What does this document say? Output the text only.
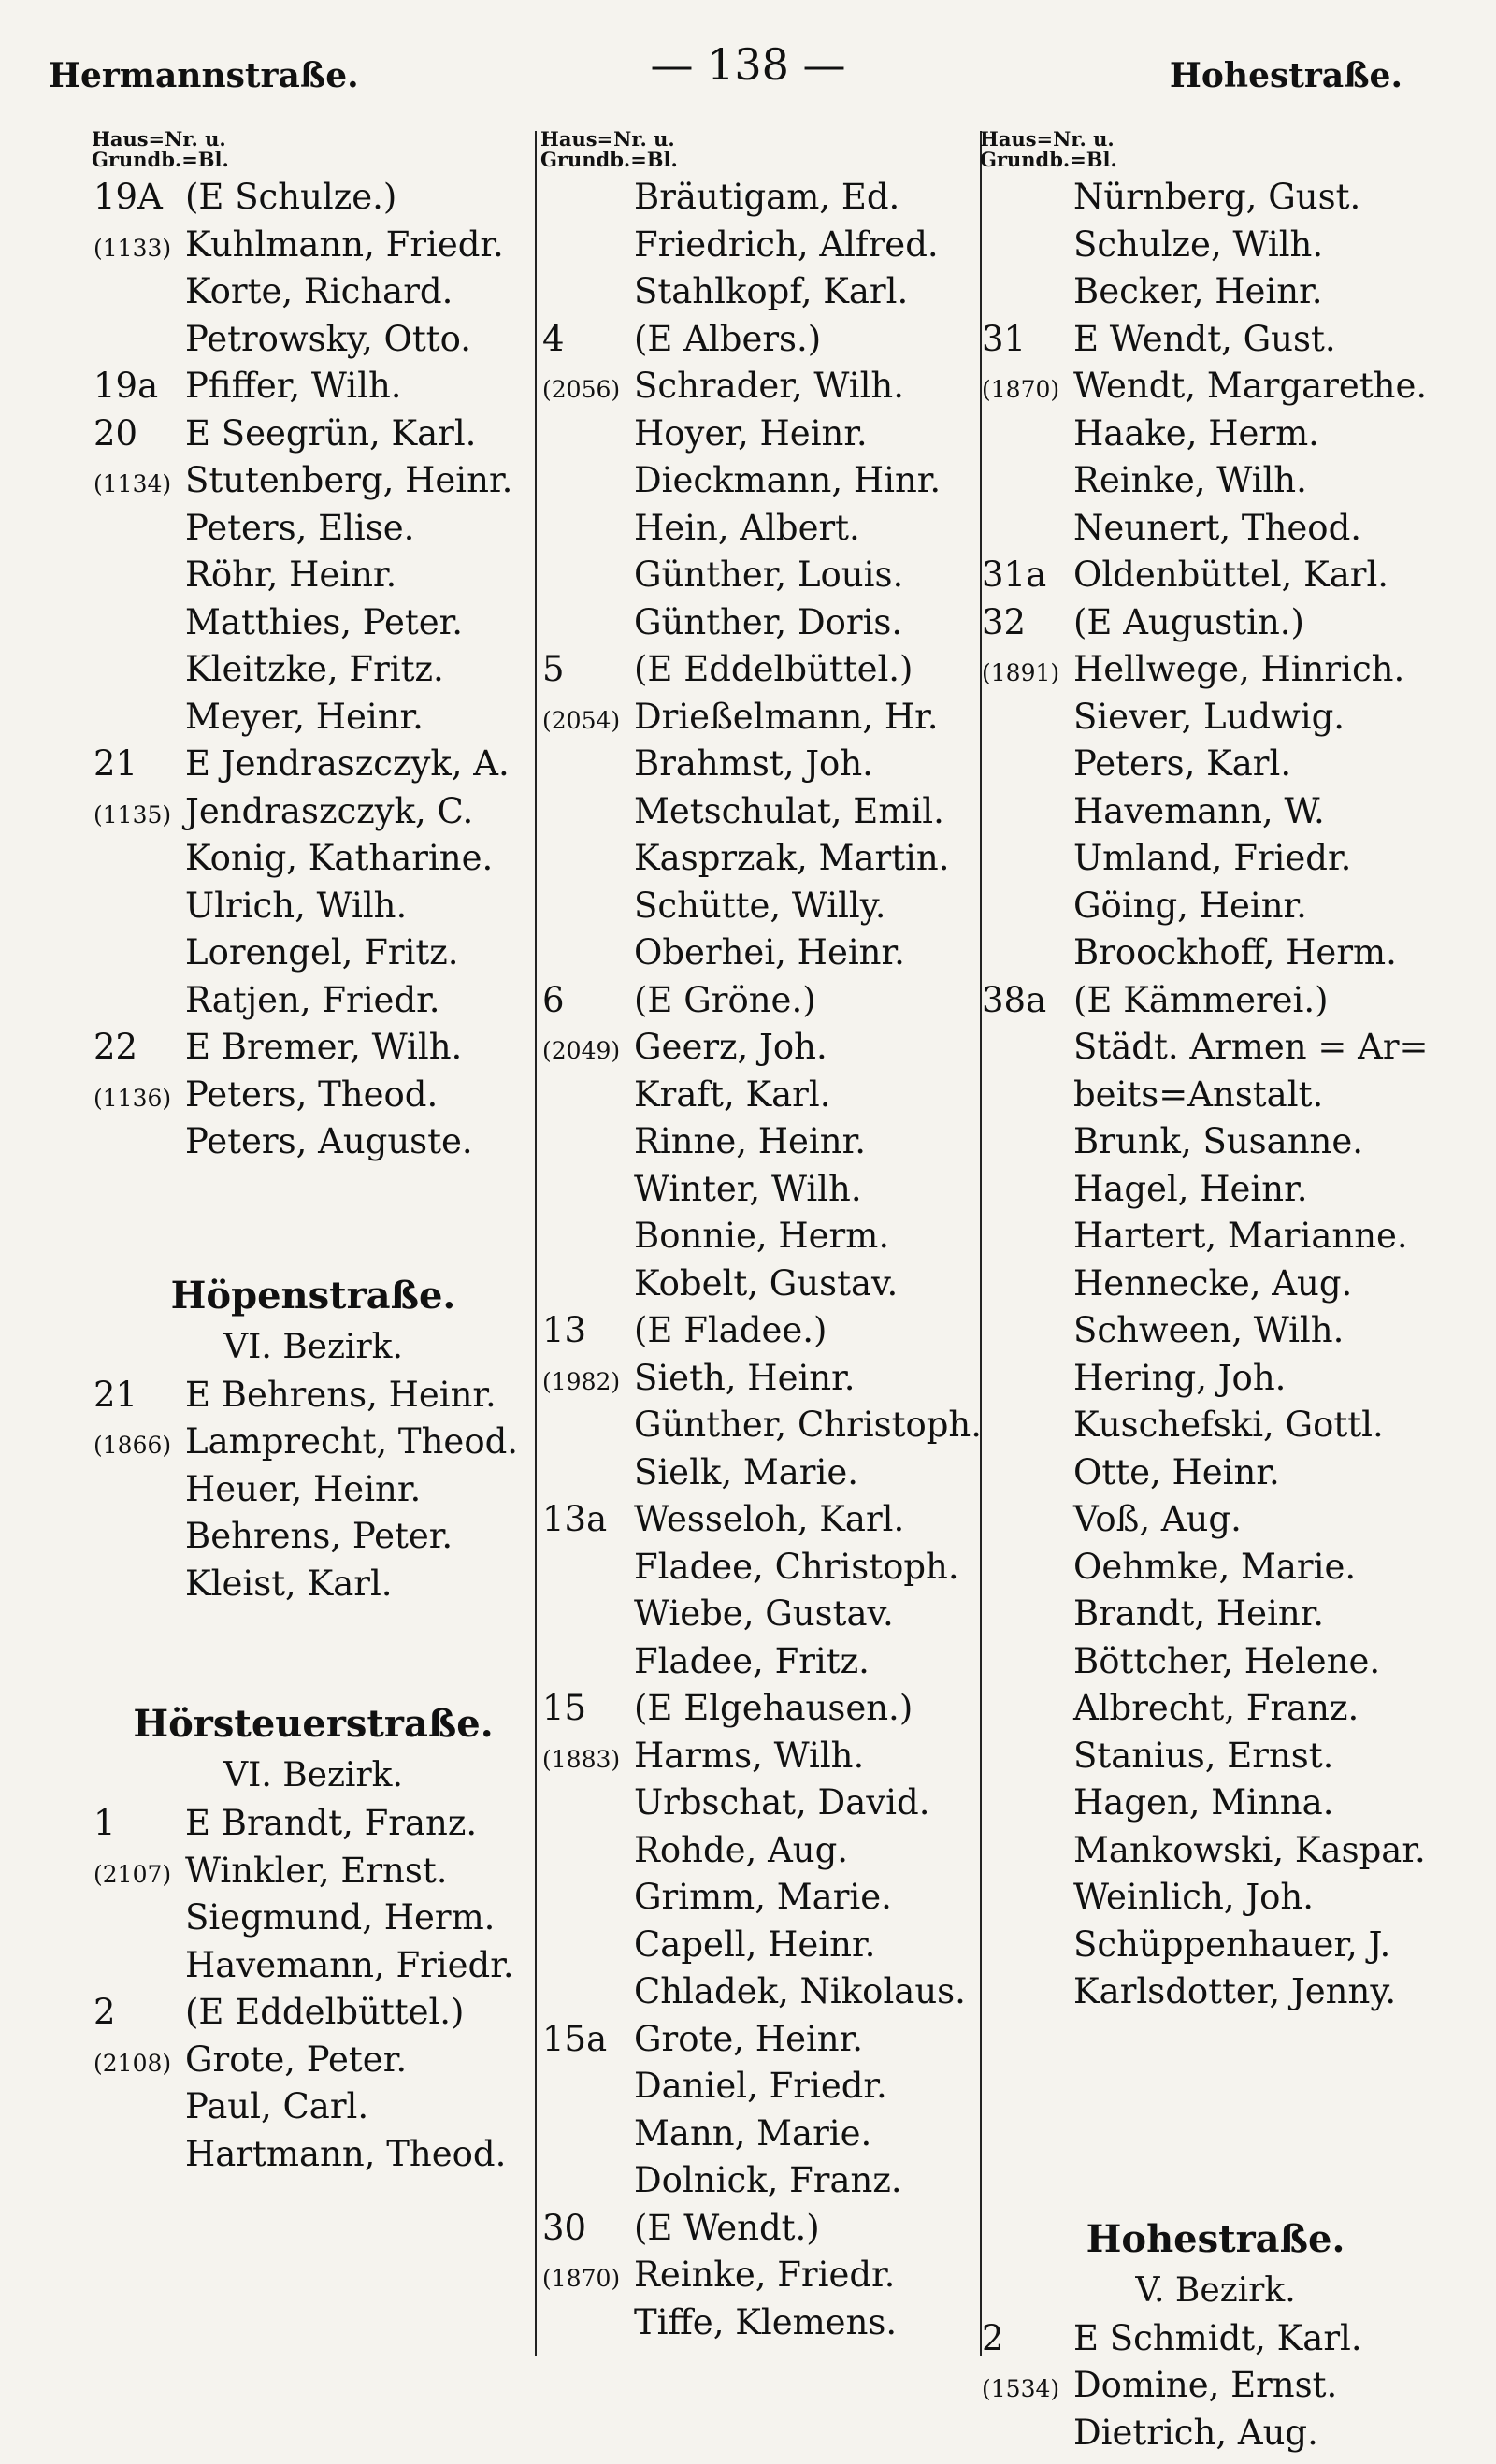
Hermannstraße.	— 138 —	Hohestraße.
Haus=Nr. u.
Grundb.=Bl.
19A (E Schulze.)
(1133) Kuhlmann, Friedr.
Korte, Richard.
Petrowsky, Otto.
19a Pfiffer, Wilh.
20	E Seegrün, Karl.
(1134) Stutenberg, Heinr.
Peters, Elise.
Röhr, Heinr.
Matthies, Peter.
Kleitzke, Fritz.
Meyer, Heinr.
21	E Jendraszczyk, A.
(1135) Jendraszczyk, C.
Konig, Katharine.
Ulrich, Wilh.
Lorengel, Fritz.
Ratjen, Friedr.
22	E Bremer, Wilh.
(1136) Peters, Theod.
Peters, Auguste.
Höpenstraße.
VI. Bezirk.
21	E Behrens, Heinr.
(1866) Lamprecht, Theod.
Heuer, Heinr.
Behrens, Peter.
Kleist, Karl.
Hörsteuerstraße.
VI. Bezirk.
1	E Brandt, Franz.
(2107) Winkler, Ernst.
Siegmund, Herm.
Havemann, Friedr.
2	(E Eddelbüttel.)
(2108) Grote, Peter.
Paul, Carl.
Hartmann, Theod.
Haus=Nr. u.
Grundb.=Bl.
Bräutigam, Ed.
Friedrich, Alfred.
Stahlkopf, Karl.
4	(E Albers.)
(2056) Schrader, Wilh.
Hoyer, Heinr.
Dieckmann, Hinr.
Hein, Albert.
Günther, Louis.
Günther, Doris.
5	(E Eddelbüttel.)
(2054) Drießelmann, Hr.
Brahmst, Joh.
Metschulat, Emil.
Kasprzak, Martin.
Schütte, Willy.
Oberhei, Heinr.
6	(E Gröne.)
(2049) Geerz, Joh.
Kraft, Karl.
Rinne, Heinr.
Winter, Wilh.
Bonnie, Herm.
Kobelt, Gustav.
13	(E Fladee.)
(1982) Sieth, Heinr.
Günther, Christoph.
Sielk, Marie.
13a Wesseloh, Karl.
Fladee, Christoph.
Wiebe, Gustav.
Fladee, Fritz.
15	(E Elgehausen.)
(1883) Harms, Wilh.
Urbschat, David.
Rohde, Aug.
Grimm, Marie.
Capell, Heinr.
Chladek, Nikolaus.
15a Grote, Heinr.
Daniel, Friedr.
Mann, Marie.
Dolnick, Franz.
30	(E Wendt.)
(1870) Reinke, Friedr.
Tiffe, Klemens.
Haus=Nr. u.
Grundb.=Bl.
Nürnberg, Gust.
Schulze, Wilh.
Becker, Heinr.
31	E Wendt, Gust.
(1870) Wendt, Margarethe.
Haake, Herm.
Reinke, Wilh.
Neunert, Theod.
31a Oldenbüttel, Karl.
32	(E Augustin.)
(1891) Hellwege, Hinrich.
Siever, Ludwig.
Peters, Karl.
Havemann, W.
Umland, Friedr.
Göing, Heinr.
Broockhoff, Herm.
38a (E Kämmerei.)
Städt. Armen = Ar=
beits=Anstalt.
Brunk, Susanne.
Hagel, Heinr.
Hartert, Marianne.
Hennecke, Aug.
Schween, Wilh.
Hering, Joh.
Kuschefski, Gottl.
Otte, Heinr.
Voß, Aug.
Oehmke, Marie.
Brandt, Heinr.
Böttcher, Helene.
Albrecht, Franz.
Stanius, Ernst.
Hagen, Minna.
Mankowski, Kaspar.
Weinlich, Joh.
Schüppenhauer, J.
Karlsdotter, Jenny.
Hohestraße.
V. Bezirk.
2	E Schmidt, Karl.
(1534) Domine, Ernst.
Dietrich, Aug.
